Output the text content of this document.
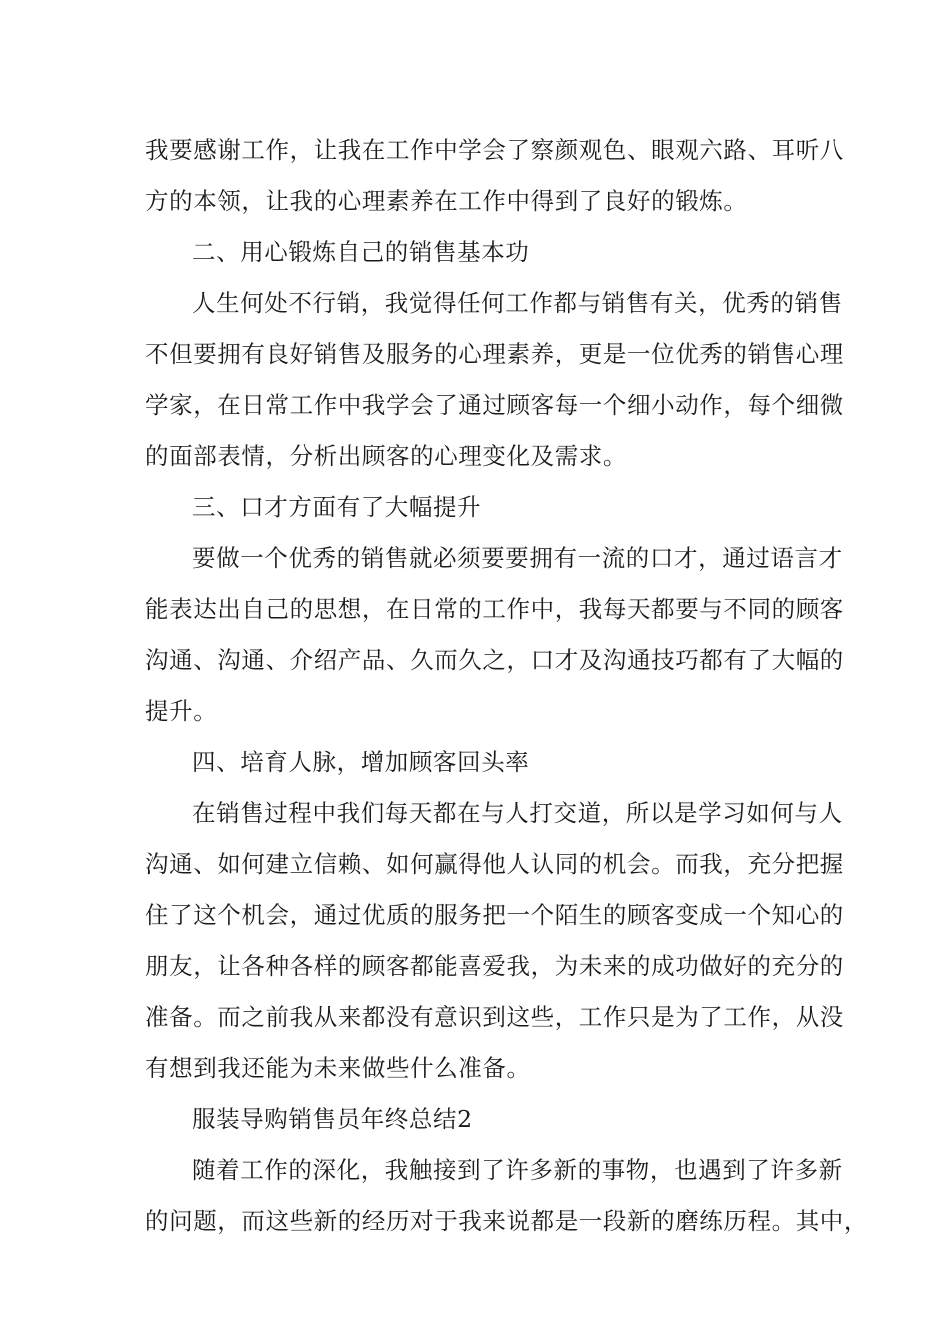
我要感谢工作，让我在工作中学会了察颜观色、眼观六路、耳听八
方的本领，让我的心理素养在工作中得到了良好的锻炼。
二、用心锻炼自己的销售基本功
人生何处不行销，我觉得任何工作都与销售有关，优秀的销售
不但要拥有良好销售及服务的心理素养，更是一位优秀的销售心理
学家，在日常工作中我学会了通过顾客每一个细小动作，每个细微
的面部表情，分析出顾客的心理变化及需求。
三、口才方面有了大幅提升
要做一个优秀的销售就必须要要拥有一流的口才，通过语言才
能表达出自己的思想，在日常的工作中，我每天都要与不同的顾客
沟通、沟通、介绍产品、久而久之，口才及沟通技巧都有了大幅的
提升。
四、培育人脉，增加顾客回头率
在销售过程中我们每天都在与人打交道，所以是学习如何与人
沟通、如何建立信赖、如何赢得他人认同的机会。而我，充分把握
住了这个机会，通过优质的服务把一个陌生的顾客变成一个知心的
朋友，让各种各样的顾客都能喜爱我，为未来的成功做好的充分的
准备。而之前我从来都没有意识到这些，工作只是为了工作，从没
有想到我还能为未来做些什么准备。
服装导购销售员年终总结2
随着工作的深化，我触接到了许多新的事物，也遇到了许多新
的问题，而这些新的经历对于我来说都是一段新的磨练历程。其中，
